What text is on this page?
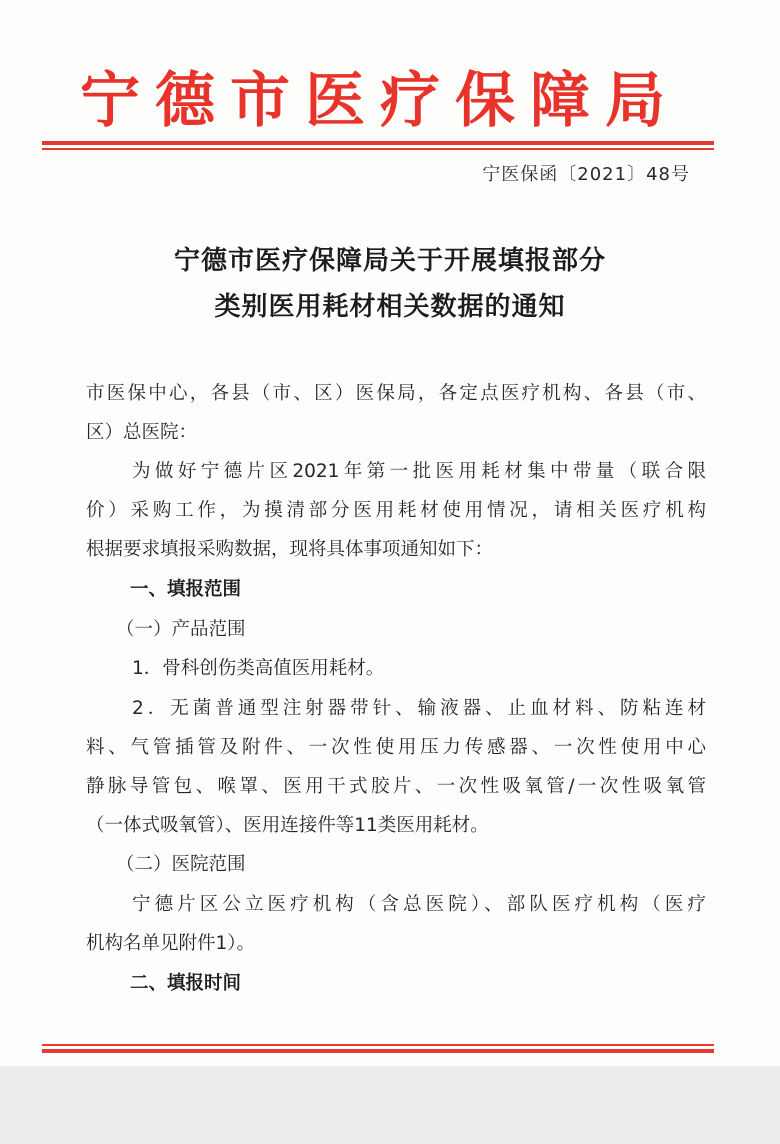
宁德市医疗保障局
宁医保函〔2021〕48号
宁德市医疗保障局关于开展填报部分
类别医用耗材相关数据的通知
市医保中心，各县（市、区）医保局，各定点医疗机构、各县（市、
区）总医院：
为做好宁德片区2021年第一批医用耗材集中带量（联合限
价）采购工作，为摸清部分医用耗材使用情况，请相关医疗机构
根据要求填报采购数据，现将具体事项通知如下：
一、填报范围
（一）产品范围
1．骨科创伤类高值医用耗材。
2．无菌普通型注射器带针、输液器、止血材料、防粘连材
料、气管插管及附件、一次性使用压力传感器、一次性使用中心
静脉导管包、喉罩、医用干式胶片、一次性吸氧管/一次性吸氧管
（一体式吸氧管）、医用连接件等11类医用耗材。
（二）医院范围
宁德片区公立医疗机构（含总医院）、部队医疗机构（医疗
机构名单见附件1）。
二、填报时间
